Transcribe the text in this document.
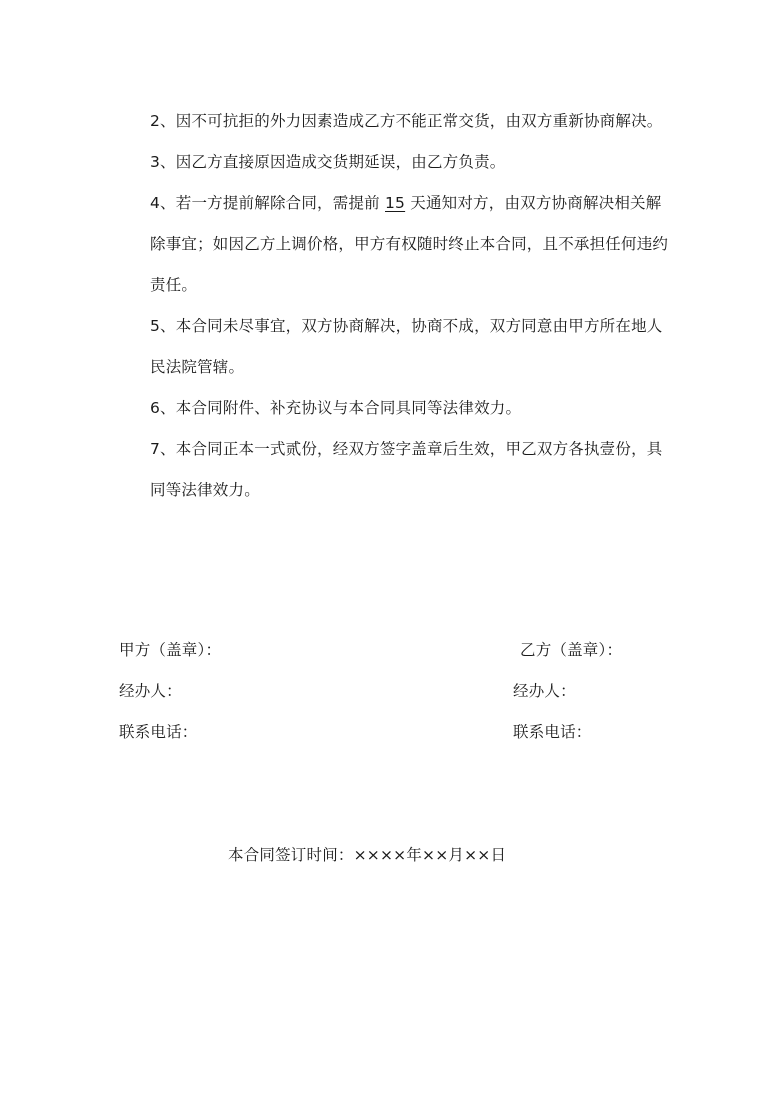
2、因不可抗拒的外力因素造成乙方不能正常交货，由双方重新协商解决。

3、因乙方直接原因造成交货期延误，由乙方负责。

4、若一方提前解除合同，需提前 15 天通知对方，由双方协商解决相关解除事宜；如因乙方上调价格，甲方有权随时终止本合同，且不承担任何违约责任。

5、本合同未尽事宜，双方协商解决，协商不成，双方同意由甲方所在地人民法院管辖。

6、本合同附件、补充协议与本合同具同等法律效力。

7、本合同正本一式贰份，经双方签字盖章后生效，甲乙双方各执壹份，具同等法律效力。

甲方（盖章）：	乙方（盖章）：
经办人：	经办人：
联系电话：	联系电话：
本合同签订时间：××××年××月××日
